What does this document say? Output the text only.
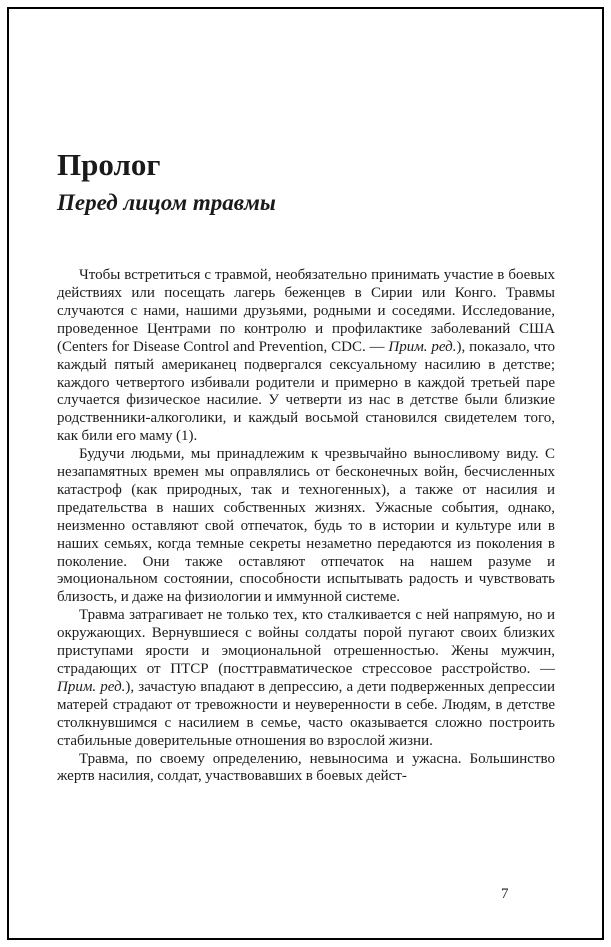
Пролог
Перед лицом травмы

Чтобы встретиться с травмой, необязательно принимать участие в боевых действиях или посещать лагерь беженцев в Сирии или Конго. Травмы случаются с нами, нашими друзьями, родными и соседями. Исследование, проведенное Центрами по контролю и профилактике заболеваний США (Centers for Disease Control and Prevention, CDC. — Прим. ред.), показало, что каждый пятый американец подвергался сексуальному насилию в детстве; каждого четвертого избивали родители и примерно в каждой третьей паре случается физическое насилие. У четверти из нас в детстве были близкие родственники-алкоголики, и каждый восьмой становился свидетелем того, как били его маму (1).

Будучи людьми, мы принадлежим к чрезвычайно выносливому виду. С незапамятных времен мы оправлялись от бесконечных войн, бесчисленных катастроф (как природных, так и техногенных), а также от насилия и предательства в наших собственных жизнях. Ужасные события, однако, неизменно оставляют свой отпечаток, будь то в истории и культуре или в наших семьях, когда темные секреты незаметно передаются из поколения в поколение. Они также оставляют отпечаток на нашем разуме и эмоциональном состоянии, способности испытывать радость и чувствовать близость, и даже на физиологии и иммунной системе.

Травма затрагивает не только тех, кто сталкивается с ней напрямую, но и окружающих. Вернувшиеся с войны солдаты порой пугают своих близких приступами ярости и эмоциональной отрешенностью. Жены мужчин, страдающих от ПТСР (посттравматическое стрессовое расстройство. — Прим. ред.), зачастую впадают в депрессию, а дети подверженных депрессии матерей страдают от тревожности и неуверенности в себе. Людям, в детстве столкнувшимся с насилием в семье, часто оказывается сложно построить стабильные доверительные отношения во взрослой жизни.

Травма, по своему определению, невыносима и ужасна. Большинство жертв насилия, солдат, участвовавших в боевых дейст-

7
